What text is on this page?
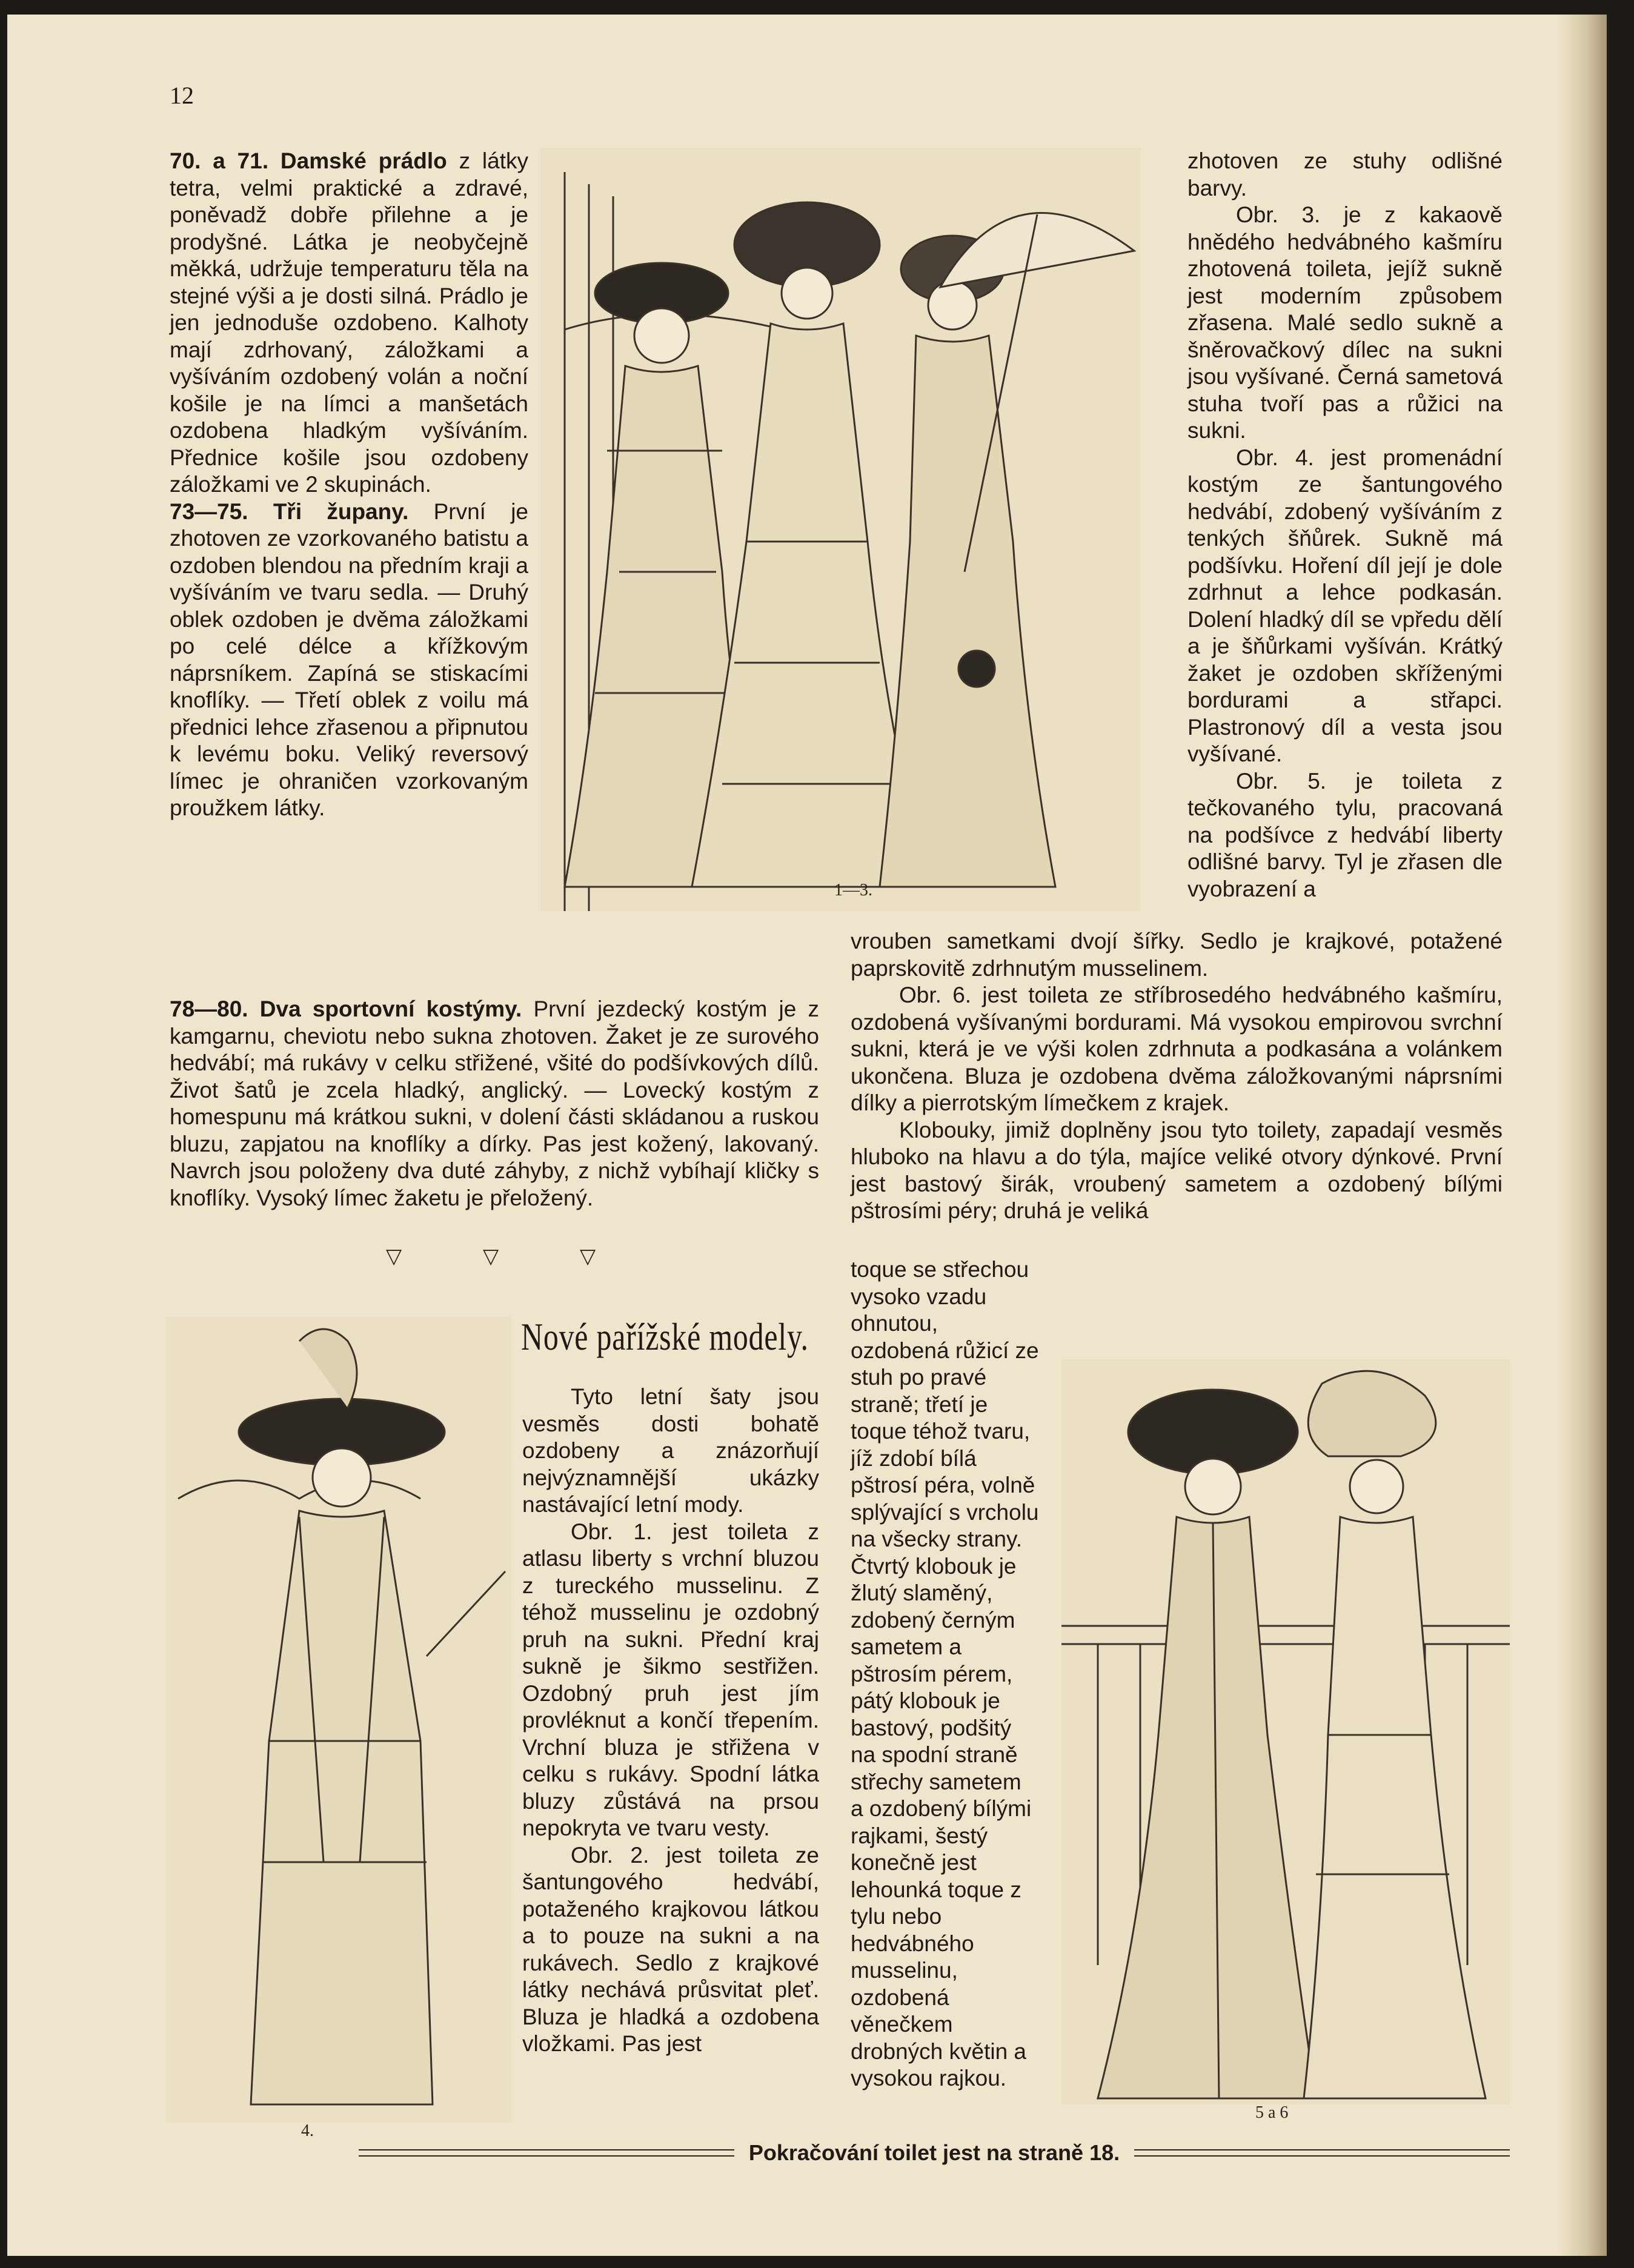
12

70. a 71. Damské prádlo z látky tetra, velmi praktické a zdravé, poněvadž dobře přilehne a je prodyšné. Látka je neobyčejně měkká, udržuje temperaturu těla na stejné výši a je dosti silná. Prádlo je jen jednoduše ozdobeno. Kalhoty mají zdrhovaný, záložkami a vyšíváním ozdobený volán a noční košile je na límci a manšetách ozdobena hladkým vyšíváním. Přednice košile jsou ozdobeny záložkami ve 2 skupinách.

73—75. Tři župany. První je zhotoven ze vzorkovaného batistu a ozdoben blendou na předním kraji a vyšíváním ve tvaru sedla. — Druhý oblek ozdoben je dvěma záložkami po celé délce a křížkovým náprsníkem. Zapíná se stiskacími knoflíky. — Třetí oblek z voilu má přednici lehce zřasenou a připnutou k levému boku. Veliký reversový límec je ohraničen vzorkovaným proužkem látky.

78—80. Dva sportovní kostýmy. První jezdecký kostým je z kamgarnu, cheviotu nebo sukna zhotoven. Žaket je ze surového hedvábí; má rukávy v celku střižené, všité do podšívkových dílů. Život šatů je zcela hladký, anglický. — Lovecký kostým z homespunu má krátkou sukni, v dolení části skládanou a ruskou bluzu, zapjatou na knoflíky a dírky. Pas jest kožený, lakovaný. Navrch jsou položeny dva duté záhyby, z nichž vybíhají kličky s knoflíky. Vysoký límec žaketu je přeložený.

▽	▽	▽
1—3.

zhotoven ze stuhy odlišné barvy.

Obr. 3. je z kakaově hnědého hedvábného kašmíru zhotovená toileta, jejíž sukně jest moderním způsobem zřasena. Malé sedlo sukně a šněrovačkový dílec na sukni jsou vyšívané. Černá sametová stuha tvoří pas a růžici na sukni.

Obr. 4. jest promenádní kostým ze šantungového hedvábí, zdobený vyšíváním z tenkých šňůrek. Sukně má podšívku. Hoření díl její je dole zdrhnut a lehce podkasán. Dolení hladký díl se vpředu dělí a je šňůrkami vyšíván. Krátký žaket je ozdoben skříženými bordurami a střapci. Plastronový díl a vesta jsou vyšívané.

Obr. 5. je toileta z tečkovaného tylu, pracovaná na podšívce z hedvábí liberty odlišné barvy. Tyl je zřasen dle vyobrazení a

vrouben sametkami dvojí šířky. Sedlo je krajkové, potažené paprskovitě zdrhnutým musselinem.

Obr. 6. jest toileta ze stříbrosedého hedvábného kašmíru, ozdobená vyšívanými bordurami. Má vysokou empirovou svrchní sukni, která je ve výši kolen zdrhnuta a podkasána a volánkem ukončena. Bluza je ozdobena dvěma záložkovanými náprsními dílky a pierrotským límečkem z krajek.

Klobouky, jimiž doplněny jsou tyto toilety, zapadají vesměs hluboko na hlavu a do týla, majíce veliké otvory dýnkové. První jest bastový širák, vroubený sametem a ozdobený bílými pštrosími péry; druhá je veliká

Nové pařížské modely.

Tyto letní šaty jsou vesměs dosti bohatě ozdobeny a znázorňují nejvýznamnější ukázky nastávající letní mody.

Obr. 1. jest toileta z atlasu liberty s vrchní bluzou z tureckého musselinu. Z téhož musselinu je ozdobný pruh na sukni. Přední kraj sukně je šikmo sestřižen. Ozdobný pruh jest jím provléknut a končí třepením. Vrchní bluza je střižena v celku s rukávy. Spodní látka bluzy zůstává na prsou nepokryta ve tvaru vesty.

Obr. 2. jest toileta ze šantungového hedvábí, potaženého krajkovou látkou a to pouze na sukni a na rukávech. Sedlo z krajkové látky nechává průsvitat pleť. Bluza je hladká a ozdobena vložkami. Pas jest

toque se střechou vysoko vzadu ohnutou, ozdobená růžicí ze stuh po pravé straně; třetí je toque téhož tvaru, jíž zdobí bílá pštrosí péra, volně splývající s vrcholu na všecky strany. Čtvrtý klobouk je žlutý slaměný, zdobený černým sametem a pštrosím pérem, pátý klobouk je bastový, podšitý na spodní straně střechy sametem a ozdobený bílými rajkami, šestý konečně jest lehounká toque z tylu nebo hedvábného musselinu, ozdobená věnečkem drobných květin a vysokou rajkou.

4.
5 a 6
Pokračování toilet jest na straně 18.
